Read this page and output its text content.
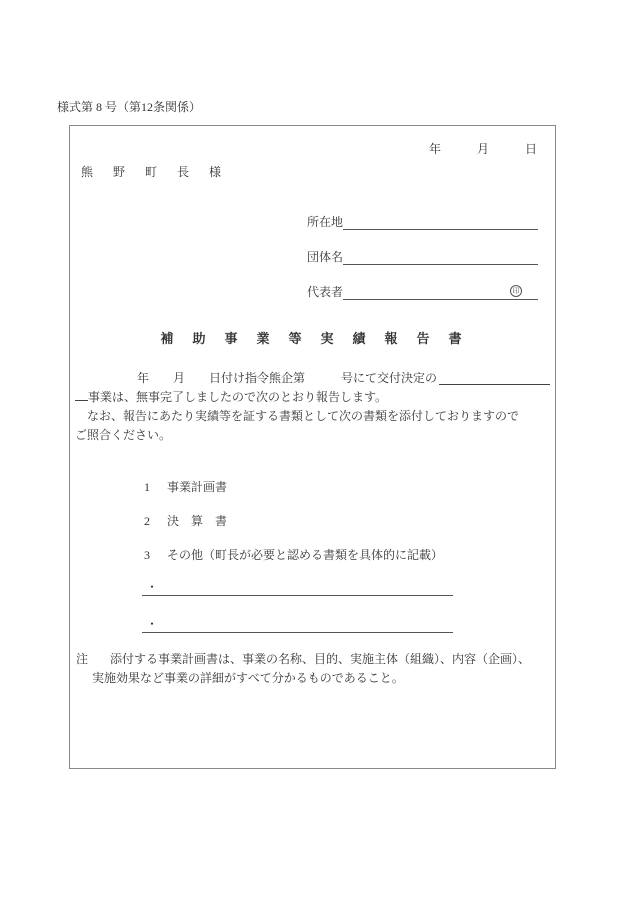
様式第 8 号（第12条関係）
年　　月　　日
熊　野　町　長　様
所在地
団体名
代表者	印
補　助　事　業　等　実　績　報　告　書
年　　月　　日付け指令熊企第　　　号にて交付決定の
事業は、無事完了しましたので次のとおり報告します。
　なお、報告にあたり実績等を証する書類として次の書類を添付しておりますので
ご照合ください。
1	事業計画書
2	決　算　書
3	その他（町長が必要と認める書類を具体的に記載）
・
・
注 添付する事業計画書は、事業の名称、目的、実施主体（組織）、内容（企画）、
実施効果など事業の詳細がすべて分かるものであること。
